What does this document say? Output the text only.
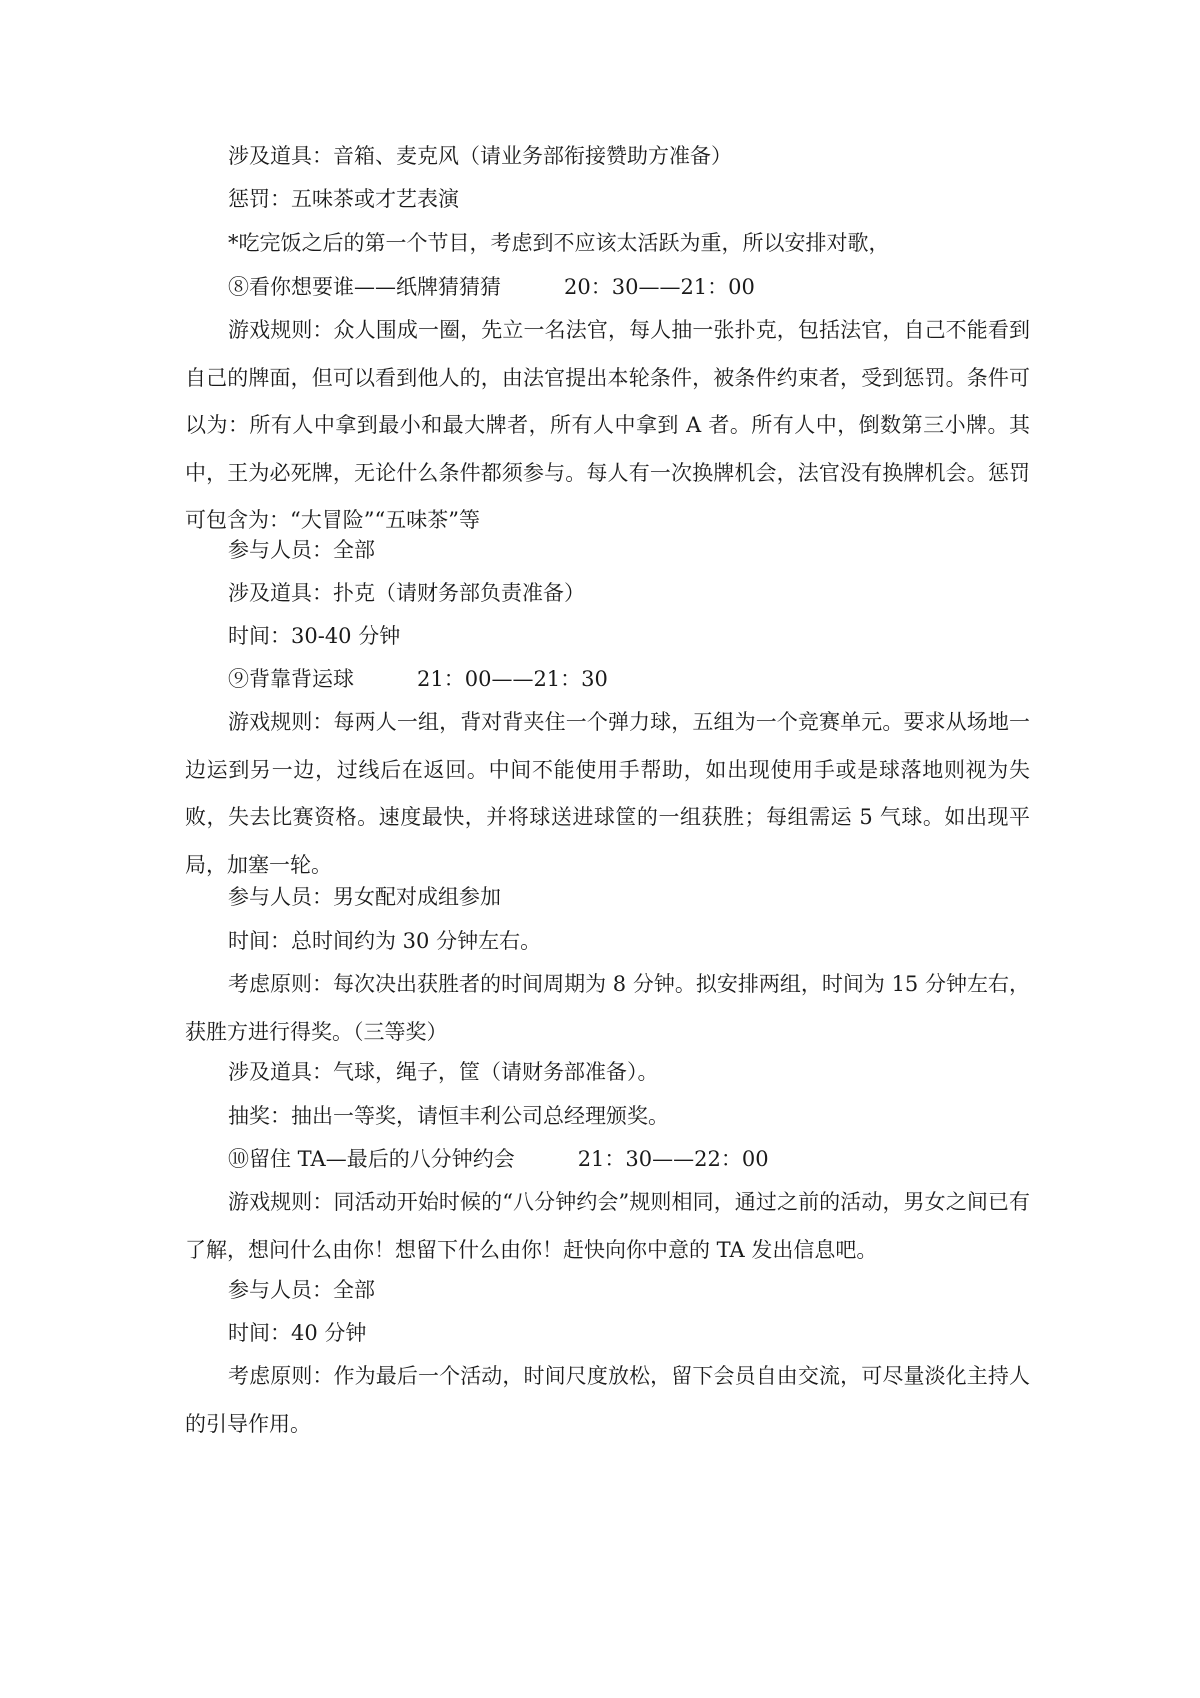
涉及道具：音箱、麦克风（请业务部衔接赞助方准备）
惩罚：五味茶或才艺表演
*吃完饭之后的第一个节目，考虑到不应该太活跃为重，所以安排对歌，
⑧看你想要谁——纸牌猜猜猜　　　20：30——21：00
游戏规则：众人围成一圈，先立一名法官，每人抽一张扑克，包括法官，自己不能看到自己的牌面，但可以看到他人的，由法官提出本轮条件，被条件约束者，受到惩罚。条件可以为：所有人中拿到最小和最大牌者，所有人中拿到 A 者。所有人中，倒数第三小牌。其中，王为必死牌，无论什么条件都须参与。每人有一次换牌机会，法官没有换牌机会。惩罚可包含为：“大冒险”“五味茶”等
参与人员：全部
涉及道具：扑克（请财务部负责准备）
时间：30-40 分钟
⑨背靠背运球　　　21：00——21：30
游戏规则：每两人一组，背对背夹住一个弹力球，五组为一个竞赛单元。要求从场地一边运到另一边，过线后在返回。中间不能使用手帮助，如出现使用手或是球落地则视为失败，失去比赛资格。速度最快，并将球送进球筐的一组获胜；每组需运 5 气球。如出现平局，加塞一轮。
参与人员：男女配对成组参加
时间：总时间约为 30 分钟左右。
考虑原则：每次决出获胜者的时间周期为 8 分钟。拟安排两组，时间为 15 分钟左右，获胜方进行得奖。（三等奖）
涉及道具：气球，绳子，筐（请财务部准备）。
抽奖：抽出一等奖，请恒丰利公司总经理颁奖。
⑩留住 TA—最后的八分钟约会　　　21：30——22：00
游戏规则：同活动开始时候的“八分钟约会”规则相同，通过之前的活动，男女之间已有了解，想问什么由你！想留下什么由你！赶快向你中意的 TA 发出信息吧。
参与人员：全部
时间：40 分钟
考虑原则：作为最后一个活动，时间尺度放松，留下会员自由交流，可尽量淡化主持人的引导作用。
